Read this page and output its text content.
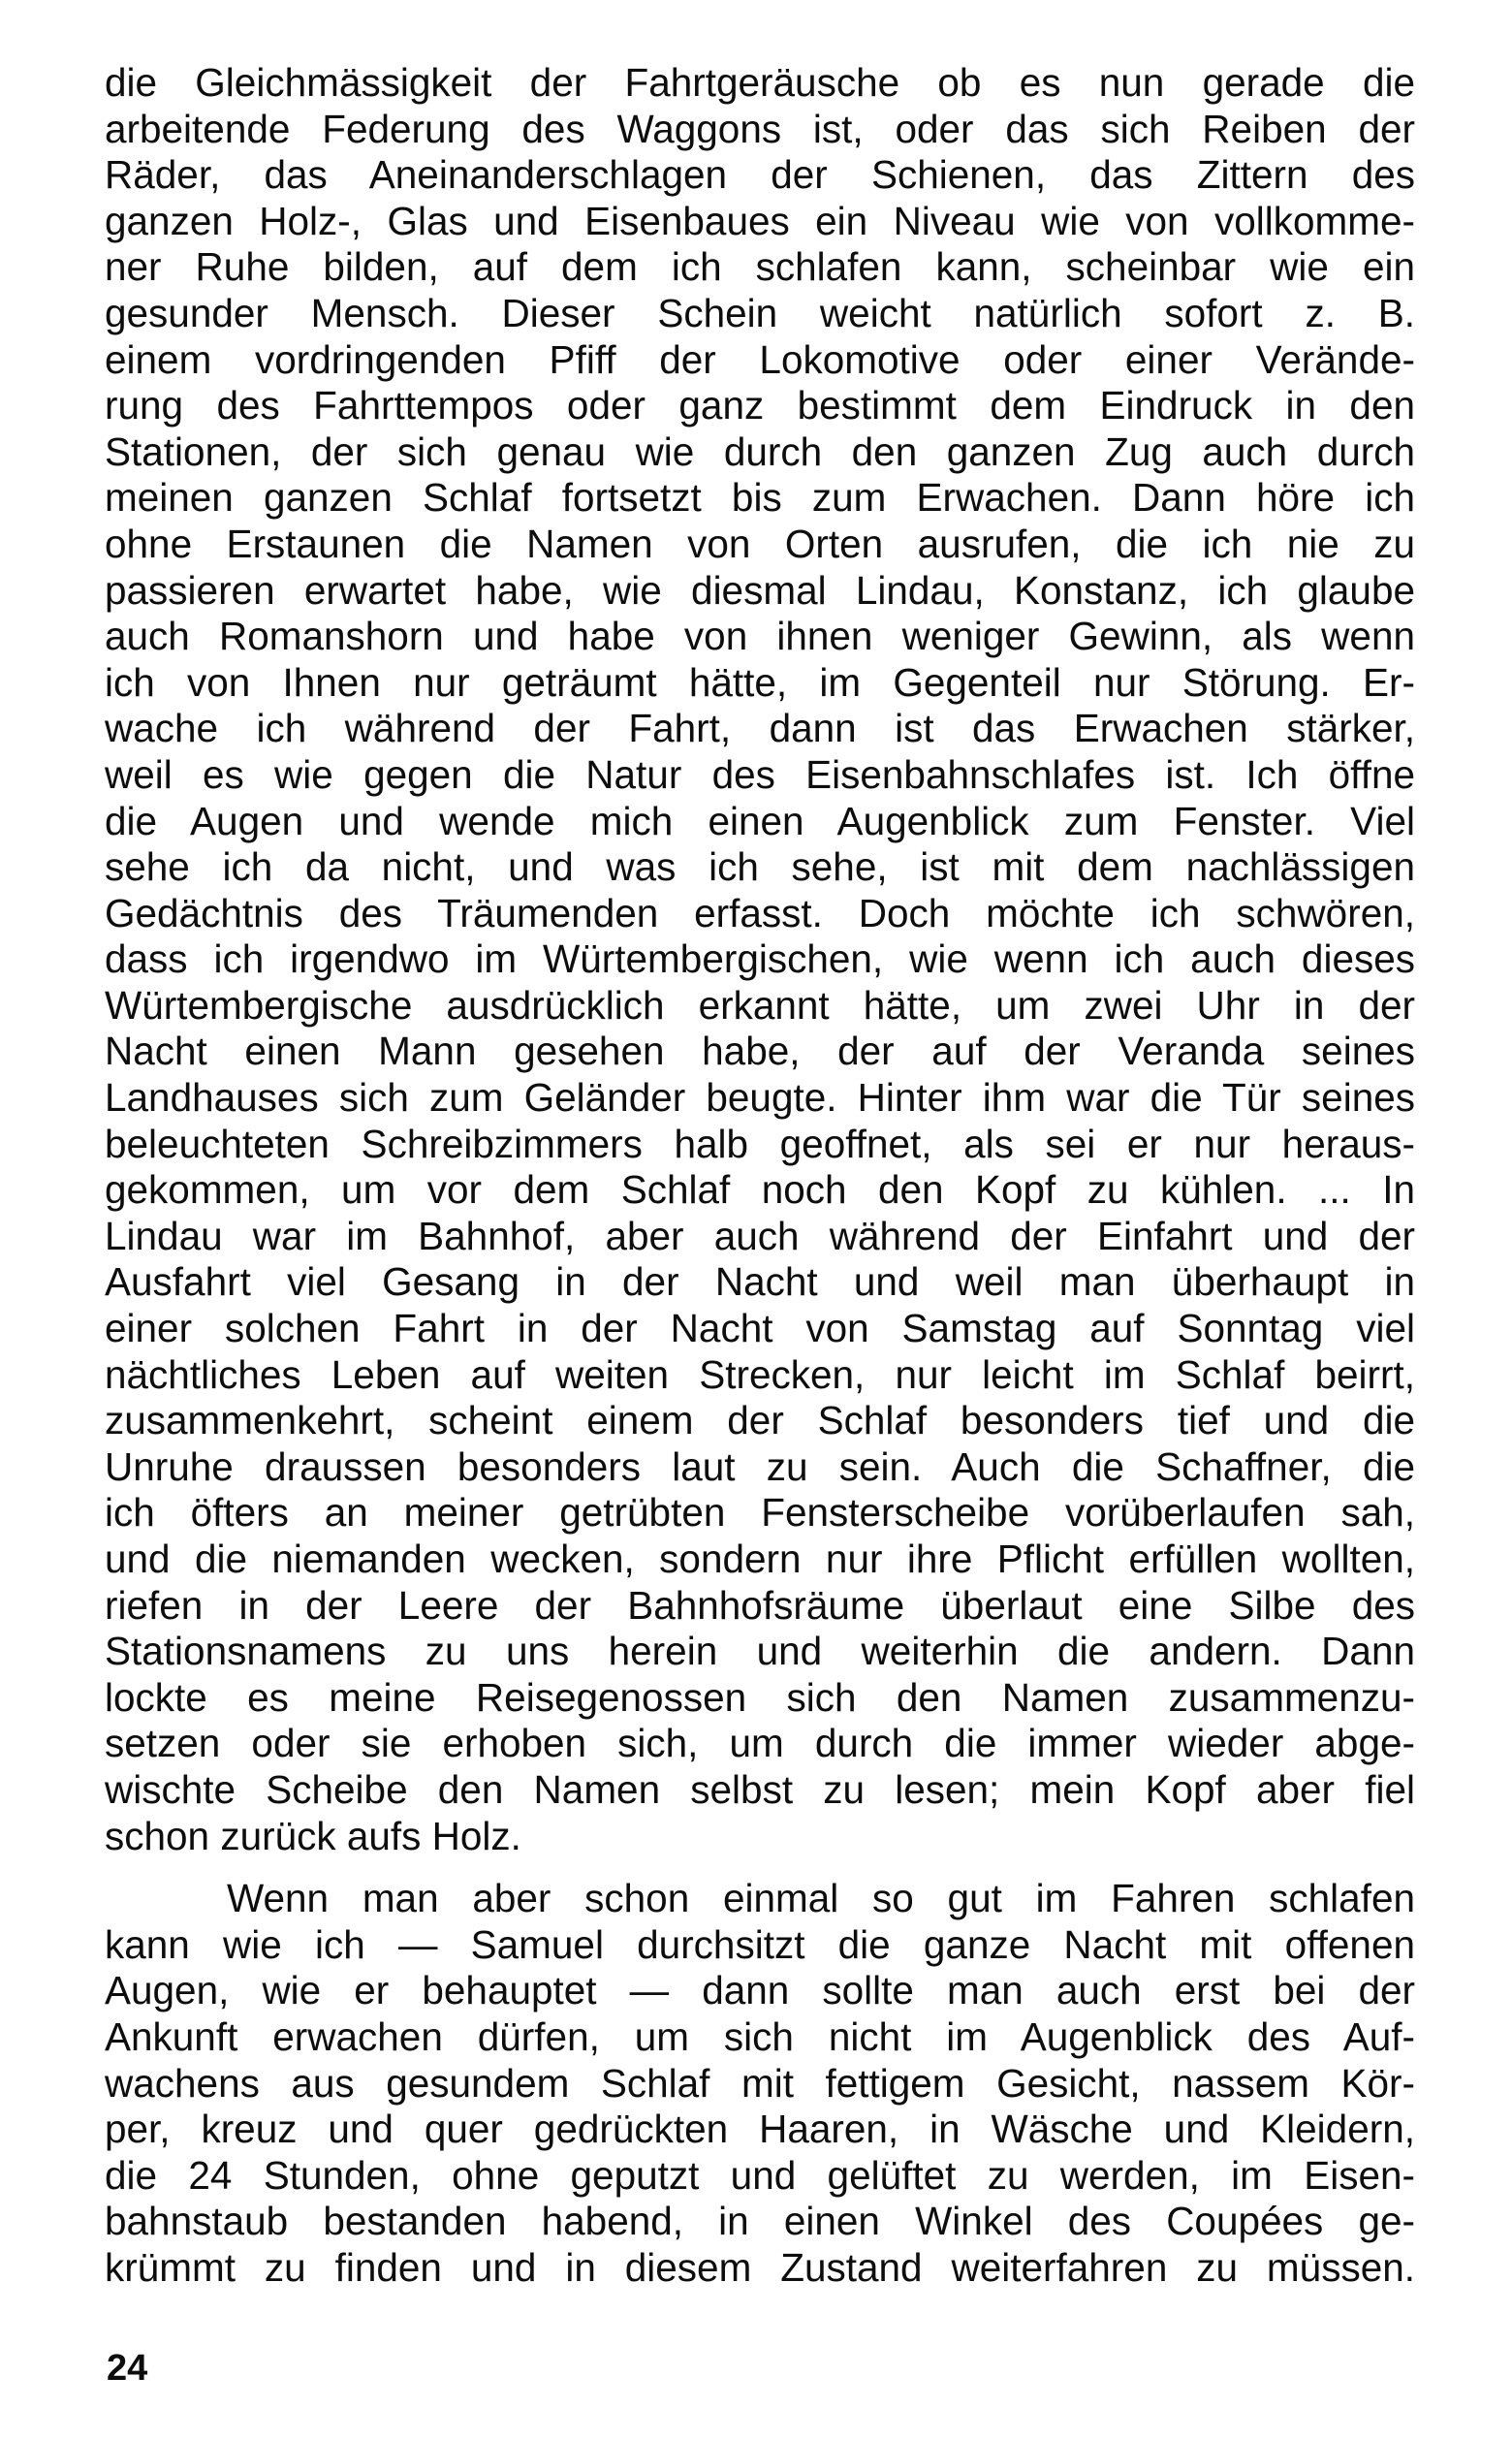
die Gleichmässigkeit der Fahrtgeräusche ob es nun gerade die
arbeitende Federung des Waggons ist, oder das sich Reiben der
Räder, das Aneinanderschlagen der Schienen, das Zittern des
ganzen Holz-, Glas und Eisenbaues ein Niveau wie von vollkomme-
ner Ruhe bilden, auf dem ich schlafen kann, scheinbar wie ein
gesunder Mensch. Dieser Schein weicht natürlich sofort z. B.
einem vordringenden Pfiff der Lokomotive oder einer Verände-
rung des Fahrttempos oder ganz bestimmt dem Eindruck in den
Stationen, der sich genau wie durch den ganzen Zug auch durch
meinen ganzen Schlaf fortsetzt bis zum Erwachen. Dann höre ich
ohne Erstaunen die Namen von Orten ausrufen, die ich nie zu
passieren erwartet habe, wie diesmal Lindau, Konstanz, ich glaube
auch Romanshorn und habe von ihnen weniger Gewinn, als wenn
ich von Ihnen nur geträumt hätte, im Gegenteil nur Störung. Er-
wache ich während der Fahrt, dann ist das Erwachen stärker,
weil es wie gegen die Natur des Eisenbahnschlafes ist. Ich öffne
die Augen und wende mich einen Augenblick zum Fenster. Viel
sehe ich da nicht, und was ich sehe, ist mit dem nachlässigen
Gedächtnis des Träumenden erfasst. Doch möchte ich schwören,
dass ich irgendwo im Würtembergischen, wie wenn ich auch dieses
Würtembergische ausdrücklich erkannt hätte, um zwei Uhr in der
Nacht einen Mann gesehen habe, der auf der Veranda seines
Landhauses sich zum Geländer beugte. Hinter ihm war die Tür seines
beleuchteten Schreibzimmers halb geoffnet, als sei er nur heraus-
gekommen, um vor dem Schlaf noch den Kopf zu kühlen. ... In
Lindau war im Bahnhof, aber auch während der Einfahrt und der
Ausfahrt viel Gesang in der Nacht und weil man überhaupt in
einer solchen Fahrt in der Nacht von Samstag auf Sonntag viel
nächtliches Leben auf weiten Strecken, nur leicht im Schlaf beirrt,
zusammenkehrt, scheint einem der Schlaf besonders tief und die
Unruhe draussen besonders laut zu sein. Auch die Schaffner, die
ich öfters an meiner getrübten Fensterscheibe vorüberlaufen sah,
und die niemanden wecken, sondern nur ihre Pflicht erfüllen wollten,
riefen in der Leere der Bahnhofsräume überlaut eine Silbe des
Stationsnamens zu uns herein und weiterhin die andern. Dann
lockte es meine Reisegenossen sich den Namen zusammenzu-
setzen oder sie erhoben sich, um durch die immer wieder abge-
wischte Scheibe den Namen selbst zu lesen; mein Kopf aber fiel
schon zurück aufs Holz.
Wenn man aber schon einmal so gut im Fahren schlafen
kann wie ich — Samuel durchsitzt die ganze Nacht mit offenen
Augen, wie er behauptet — dann sollte man auch erst bei der
Ankunft erwachen dürfen, um sich nicht im Augenblick des Auf-
wachens aus gesundem Schlaf mit fettigem Gesicht, nassem Kör-
per, kreuz und quer gedrückten Haaren, in Wäsche und Kleidern,
die 24 Stunden, ohne geputzt und gelüftet zu werden, im Eisen-
bahnstaub bestanden habend, in einen Winkel des Coupées ge-
krümmt zu finden und in diesem Zustand weiterfahren zu müssen.
24
